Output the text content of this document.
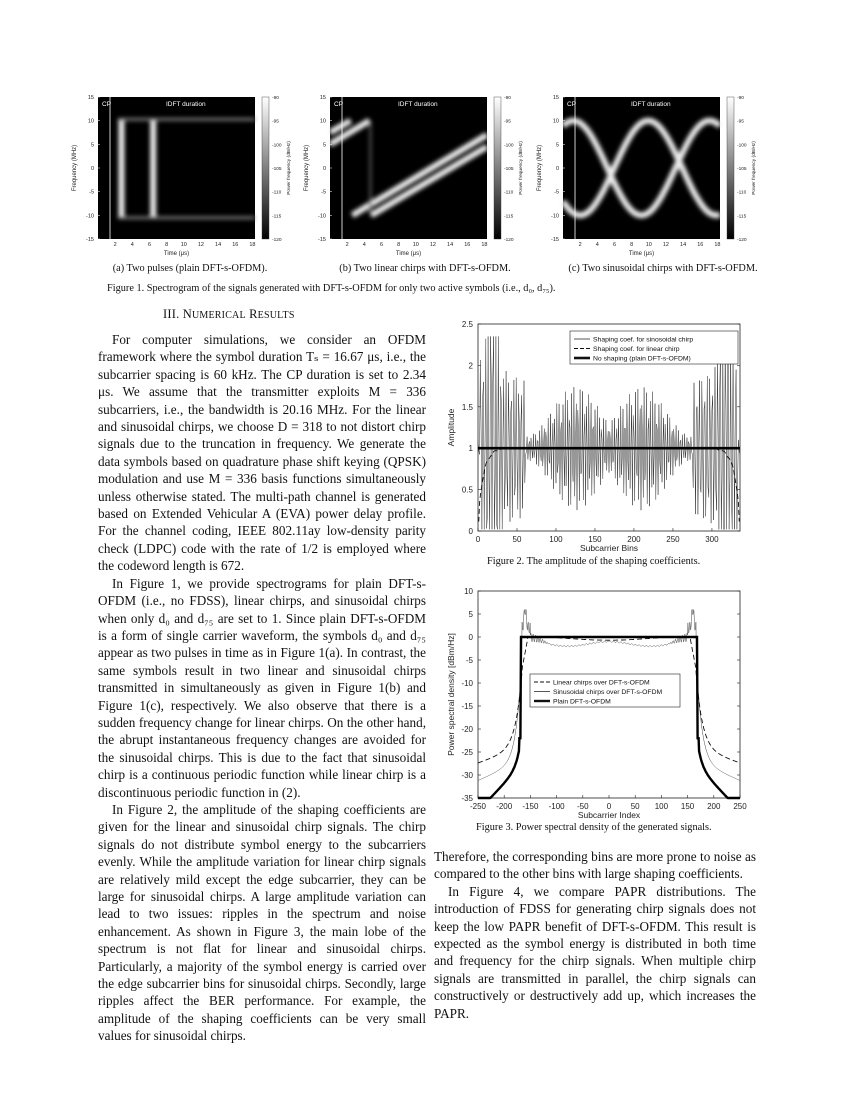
CP	IDFT duration
15
10
5
0
-5
-10
-15
Frequency (MHz)
2	4	6	8 10 12 14 16 18
Time (μs)
-90
-95
-100
-105
-110
-115
-120
Power frequency (dB/Hz)
CP	IDFT duration
15
10
5
0
-5
-10
-15
Frequency (MHz)
2	4	6	8 10 12 14 16 18
Time (μs)
-90
-95
-100
-105
-110
-115
-120
Power frequency (dB/Hz)
CP	IDFT duration
15
10
5
0
-5
-10
-15
Frequency (MHz)
2	4	6	8 10 12 14 16 18
Time (μs)
-90
-95
-100
-105
-110
-115
-120
Power frequency (dB/Hz)
(a) Two pulses (plain DFT-s-OFDM).	(b) Two linear chirps with DFT-s-OFDM.	(c) Two sinusoidal chirps with DFT-s-OFDM.
Figure 1. Spectrogram of the signals generated with DFT-s-OFDM for only two active symbols (i.e., d₀, d₇₅).
III. NUMERICAL RESULTS

For computer simulations, we consider an OFDM framework where the symbol duration Tₛ = 16.67 μs, i.e., the subcarrier spacing is 60 kHz. The CP duration is set to 2.34 μs. We assume that the transmitter exploits M = 336 subcarriers, i.e., the bandwidth is 20.16 MHz. For the linear and sinusoidal chirps, we choose D = 318 to not distort chirp signals due to the truncation in frequency. We generate the data symbols based on quadrature phase shift keying (QPSK) modulation and use M = 336 basis functions simultaneously unless otherwise stated. The multi-path channel is generated based on Extended Vehicular A (EVA) power delay profile. For the channel coding, IEEE 802.11ay low-density parity check (LDPC) code with the rate of 1/2 is employed where the codeword length is 672.

In Figure 1, we provide spectrograms for plain DFT-s-OFDM (i.e., no FDSS), linear chirps, and sinusoidal chirps when only d₀ and d₇₅ are set to 1. Since plain DFT-s-OFDM is a form of single carrier waveform, the symbols d₀ and d₇₅ appear as two pulses in time as in Figure 1(a). In contrast, the same symbols result in two linear and sinusoidal chirps transmitted in simultaneously as given in Figure 1(b) and Figure 1(c), respectively. We also observe that there is a sudden frequency change for linear chirps. On the other hand, the abrupt instantaneous frequency changes are avoided for the sinusoidal chirps. This is due to the fact that sinusoidal chirp is a continuous periodic function while linear chirp is a discontinuous periodic function in (2).

In Figure 2, the amplitude of the shaping coefficients are given for the linear and sinusoidal chirp signals. The chirp signals do not distribute symbol energy to the subcarriers evenly. While the amplitude variation for linear chirp signals are relatively mild except the edge subcarrier, they can be large for sinusoidal chirps. A large amplitude variation can lead to two issues: ripples in the spectrum and noise enhancement. As shown in Figure 3, the main lobe of the spectrum is not flat for linear and sinusoidal chirps. Particularly, a majority of the symbol energy is carried over the edge subcarrier bins for sinusoidal chirps. Secondly, large ripples affect the BER performance. For example, the amplitude of the shaping coefficients can be very small values for sinusoidal chirps.

2.5
2
1.5
1
0.5
0
0	50	100	150	200	250	300
Subcarrier Bins
Amplitude
Shaping coef. for sinosoidal chirp
Shaping coef. for linear chirp
No shaping (plain DFT-s-OFDM)
Figure 2. The amplitude of the shaping coefficients.
10
5
0
-5
-10
-15
-20
-25
-30
-35
-250 -200 -150 -100 -50 0 50 100 150 200 250
Subcarrier Index
Power spectral density [dBm/Hz]	Linear chirps over DFT-s-OFDM
Sinusoidal chirps over DFT-s-OFDM
Plain DFT-s-OFDM
Figure 3. Power spectral density of the generated signals.

Therefore, the corresponding bins are more prone to noise as compared to the other bins with large shaping coefficients.

In Figure 4, we compare PAPR distributions. The introduction of FDSS for generating chirp signals does not keep the low PAPR benefit of DFT-s-OFDM. This result is expected as the symbol energy is distributed in both time and frequency for the chirp signals. When multiple chirp signals are transmitted in parallel, the chirp signals can constructively or destructively add up, which increases the PAPR.
